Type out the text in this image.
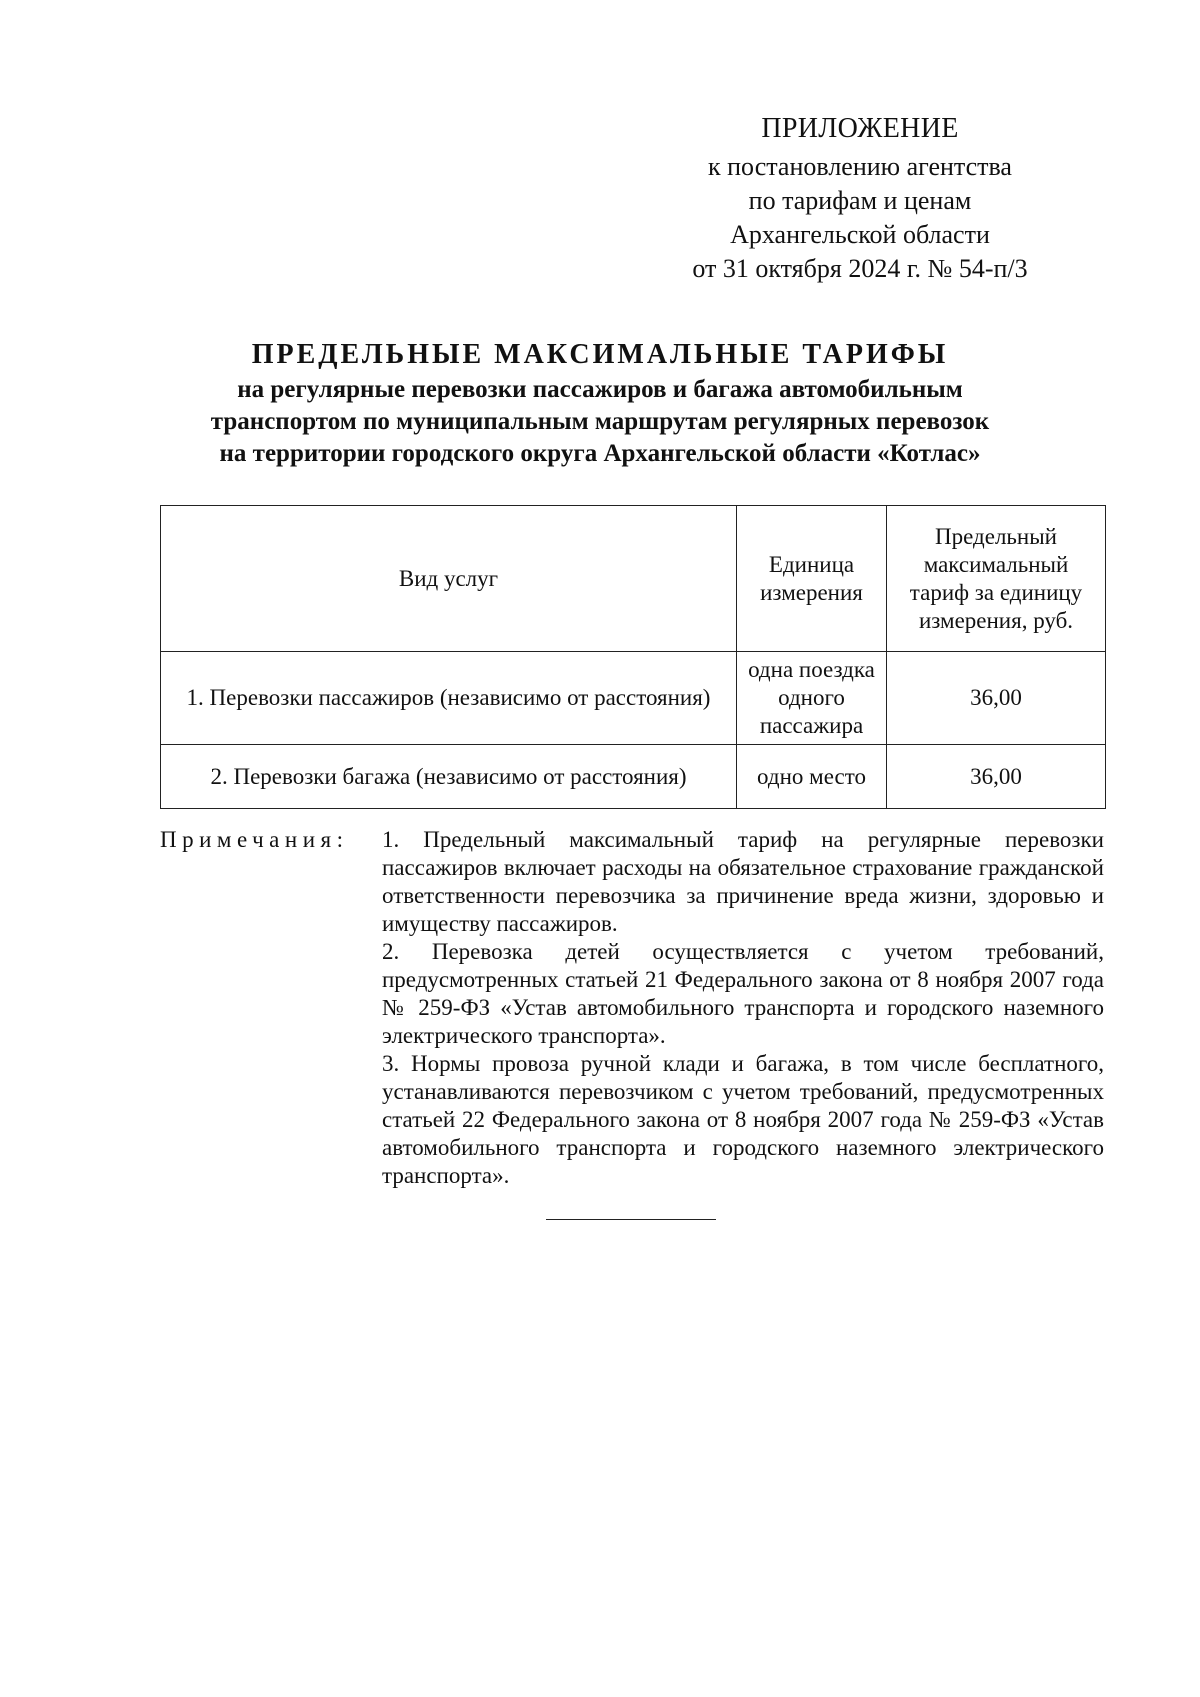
ПРИЛОЖЕНИЕ
к постановлению агентства
по тарифам и ценам
Архангельской области
от 31 октября 2024 г. № 54-п/3
ПРЕДЕЛЬНЫЕ МАКСИМАЛЬНЫЕ ТАРИФЫ
на регулярные перевозки пассажиров и багажа автомобильным
транспортом по муниципальным маршрутам регулярных перевозок
на территории городского округа Архангельской области «Котлас»
Вид услуг	Единица измерения	Предельный максимальный тариф за единицу измерения, руб.
1. Перевозки пассажиров (независимо от расстояния)	одна поездка одного пассажира	36,00
2. Перевозки багажа (независимо от расстояния)	одно место	36,00
Примечания: 1. Предельный максимальный тариф на регулярные перевозки пассажиров включает расходы на обязательное страхование гражданской ответственности перевозчика за причинение вреда жизни, здоровью и имуществу пассажиров.

2. Перевозка детей осуществляется с учетом требований, предусмотренных статьей 21 Федерального закона от 8 ноября 2007 года № 259-ФЗ «Устав автомобильного транспорта и городского наземного электрического транспорта».

3. Нормы провоза ручной клади и багажа, в том числе бесплатного, устанавливаются перевозчиком с учетом требований, предусмотренных статьей 22 Федерального закона от 8 ноября 2007 года № 259-ФЗ «Устав автомобильного транспорта и городского наземного электрического транспорта».
